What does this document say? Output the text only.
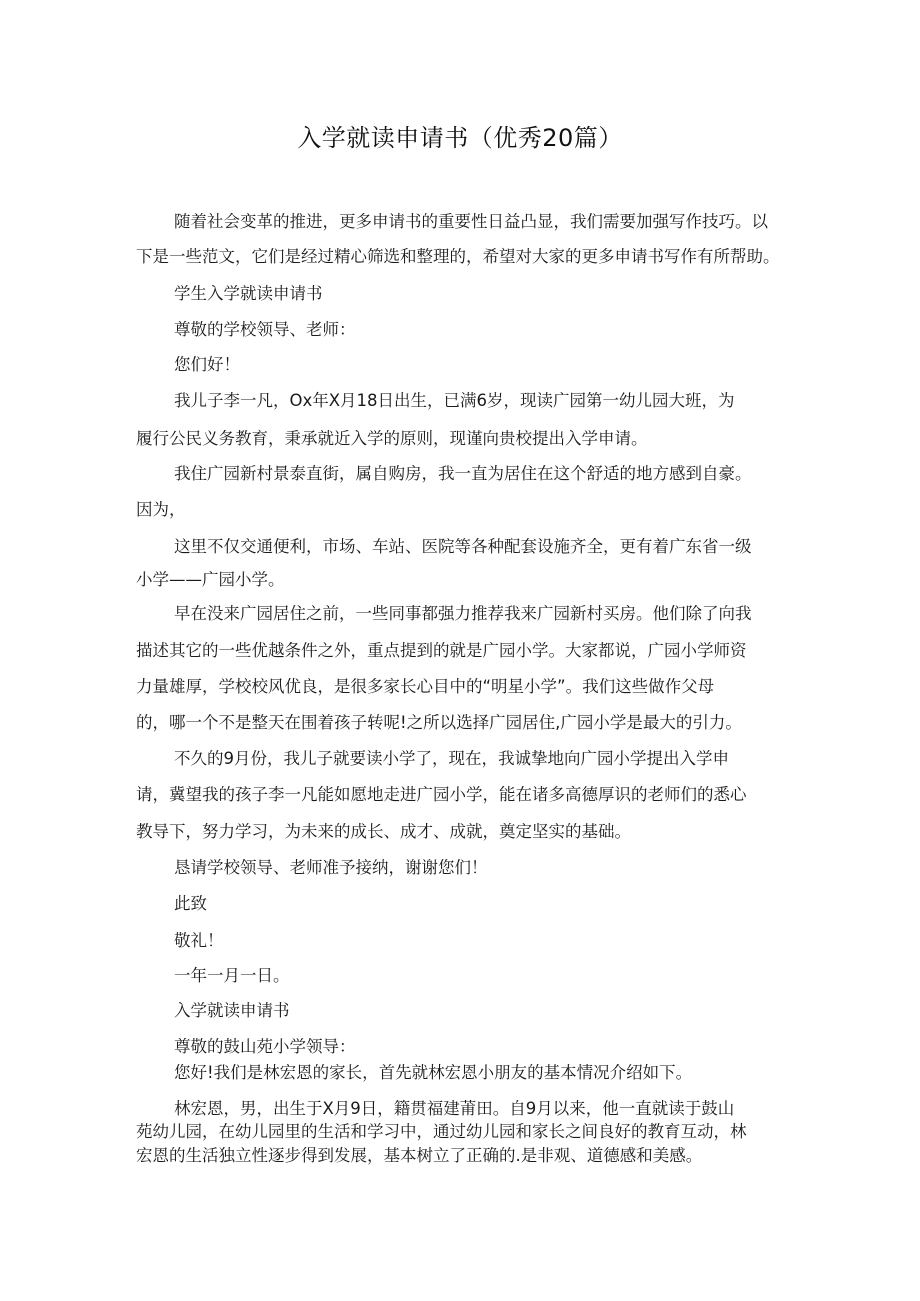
入学就读申请书（优秀20篇）
随着社会变革的推进，更多申请书的重要性日益凸显，我们需要加强写作技巧。以
下是一些范文，它们是经过精心筛选和整理的，希望对大家的更多申请书写作有所帮助。
学生入学就读申请书
尊敬的学校领导、老师：
您们好！
我儿子李一凡，Ox年X月18日出生，已满6岁，现读广园第一幼儿园大班，为
履行公民义务教育，秉承就近入学的原则，现谨向贵校提出入学申请。
我住广园新村景泰直街，属自购房，我一直为居住在这个舒适的地方感到自豪。
因为，
这里不仅交通便利，市场、车站、医院等各种配套设施齐全，更有着广东省一级
小学——广园小学。
早在没来广园居住之前，一些同事都强力推荐我来广园新村买房。他们除了向我
描述其它的一些优越条件之外，重点提到的就是广园小学。大家都说，广园小学师资
力量雄厚，学校校风优良，是很多家长心目中的“明星小学”。我们这些做作父母
的，哪一个不是整天在围着孩子转呢!之所以选择广园居住,广园小学是最大的引力。
不久的9月份，我儿子就要读小学了，现在，我诚挚地向广园小学提出入学申
请，冀望我的孩子李一凡能如愿地走进广园小学，能在诸多高德厚识的老师们的悉心
教导下，努力学习，为未来的成长、成才、成就，奠定坚实的基础。
恳请学校领导、老师准予接纳，谢谢您们！
此致
敬礼！
一年一月一日。
入学就读申请书
尊敬的鼓山苑小学领导：
您好!我们是林宏恩的家长，首先就林宏恩小朋友的基本情况介绍如下。
林宏恩，男，出生于X月9日，籍贯福建莆田。自9月以来，他一直就读于鼓山
苑幼儿园，在幼儿园里的生活和学习中，通过幼儿园和家长之间良好的教育互动，林
宏恩的生活独立性逐步得到发展，基本树立了正确的.是非观、道德感和美感。
